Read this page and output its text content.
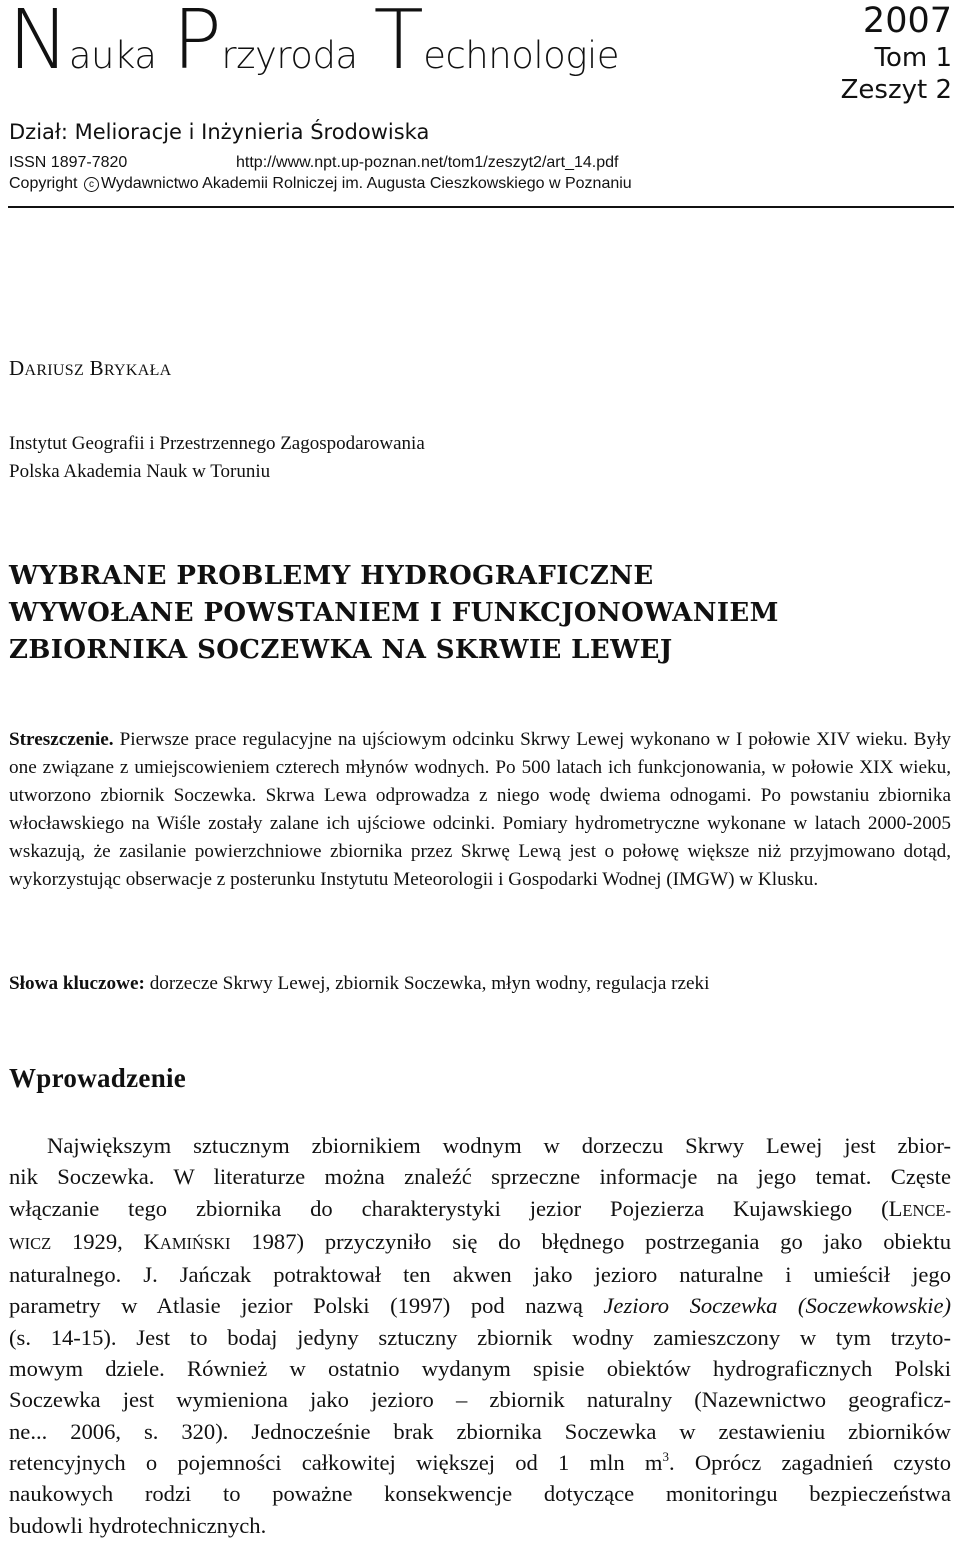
Nauka Przyroda Technologie
2007
Tom 1
Zeszyt 2
Dział: Melioracje i Inżynieria Środowiska
ISSN 1897-7820	http://www.npt.up-poznan.net/tom1/zeszyt2/art_14.pdf
Copyright c Wydawnictwo Akademii Rolniczej im. Augusta Cieszkowskiego w Poznaniu
DARIUSZ BRYKAŁA
Instytut Geografii i Przestrzennego Zagospodarowania
Polska Akademia Nauk w Toruniu
WYBRANE PROBLEMY HYDROGRAFICZNE
WYWOŁANE POWSTANIEM I FUNKCJONOWANIEM
ZBIORNIKA SOCZEWKA NA SKRWIE LEWEJ

Streszczenie. Pierwsze prace regulacyjne na ujściowym odcinku Skrwy Lewej wykonano w I połowie XIV wieku. Były one związane z umiejscowieniem czterech młynów wodnych. Po 500 latach ich funkcjonowania, w połowie XIX wieku, utworzono zbiornik Soczewka. Skrwa Lewa odprowadza z niego wodę dwiema odnogami. Po powstaniu zbiornika włocławskiego na Wiśle zostały zalane ich ujściowe odcinki. Pomiary hydrometryczne wykonane w latach 2000-2005 wskazują, że zasilanie powierzchniowe zbiornika przez Skrwę Lewą jest o połowę większe niż przyjmowano dotąd, wykorzystując obserwacje z posterunku Instytutu Meteorologii i Gospodarki Wodnej (IMGW) w Klusku.

Słowa kluczowe: dorzecze Skrwy Lewej, zbiornik Soczewka, młyn wodny, regulacja rzeki

Wprowadzenie
Największym sztucznym zbiornikiem wodnym w dorzeczu Skrwy Lewej jest zbior-
nik Soczewka. W literaturze można znaleźć sprzeczne informacje na jego temat. Częste
włączanie tego zbiornika do charakterystyki jezior Pojezierza Kujawskiego (LENCE-
WICZ 1929, KAMIŃSKI 1987) przyczyniło się do błędnego postrzegania go jako obiektu
naturalnego. J. Jańczak potraktował ten akwen jako jezioro naturalne i umieścił jego
parametry w Atlasie jezior Polski (1997) pod nazwą Jezioro Soczewka (Soczewkowskie)
(s. 14-15). Jest to bodaj jedyny sztuczny zbiornik wodny zamieszczony w tym trzyto-
mowym dziele. Również w ostatnio wydanym spisie obiektów hydrograficznych Polski
Soczewka jest wymieniona jako jezioro – zbiornik naturalny (Nazewnictwo geograficz-
ne... 2006, s. 320). Jednocześnie brak zbiornika Soczewka w zestawieniu zbiorników
retencyjnych o pojemności całkowitej większej od 1 mln $m^3$. Oprócz zagadnień czysto
naukowych rodzi to poważne konsekwencje dotyczące monitoringu bezpieczeństwa
budowli hydrotechnicznych.
